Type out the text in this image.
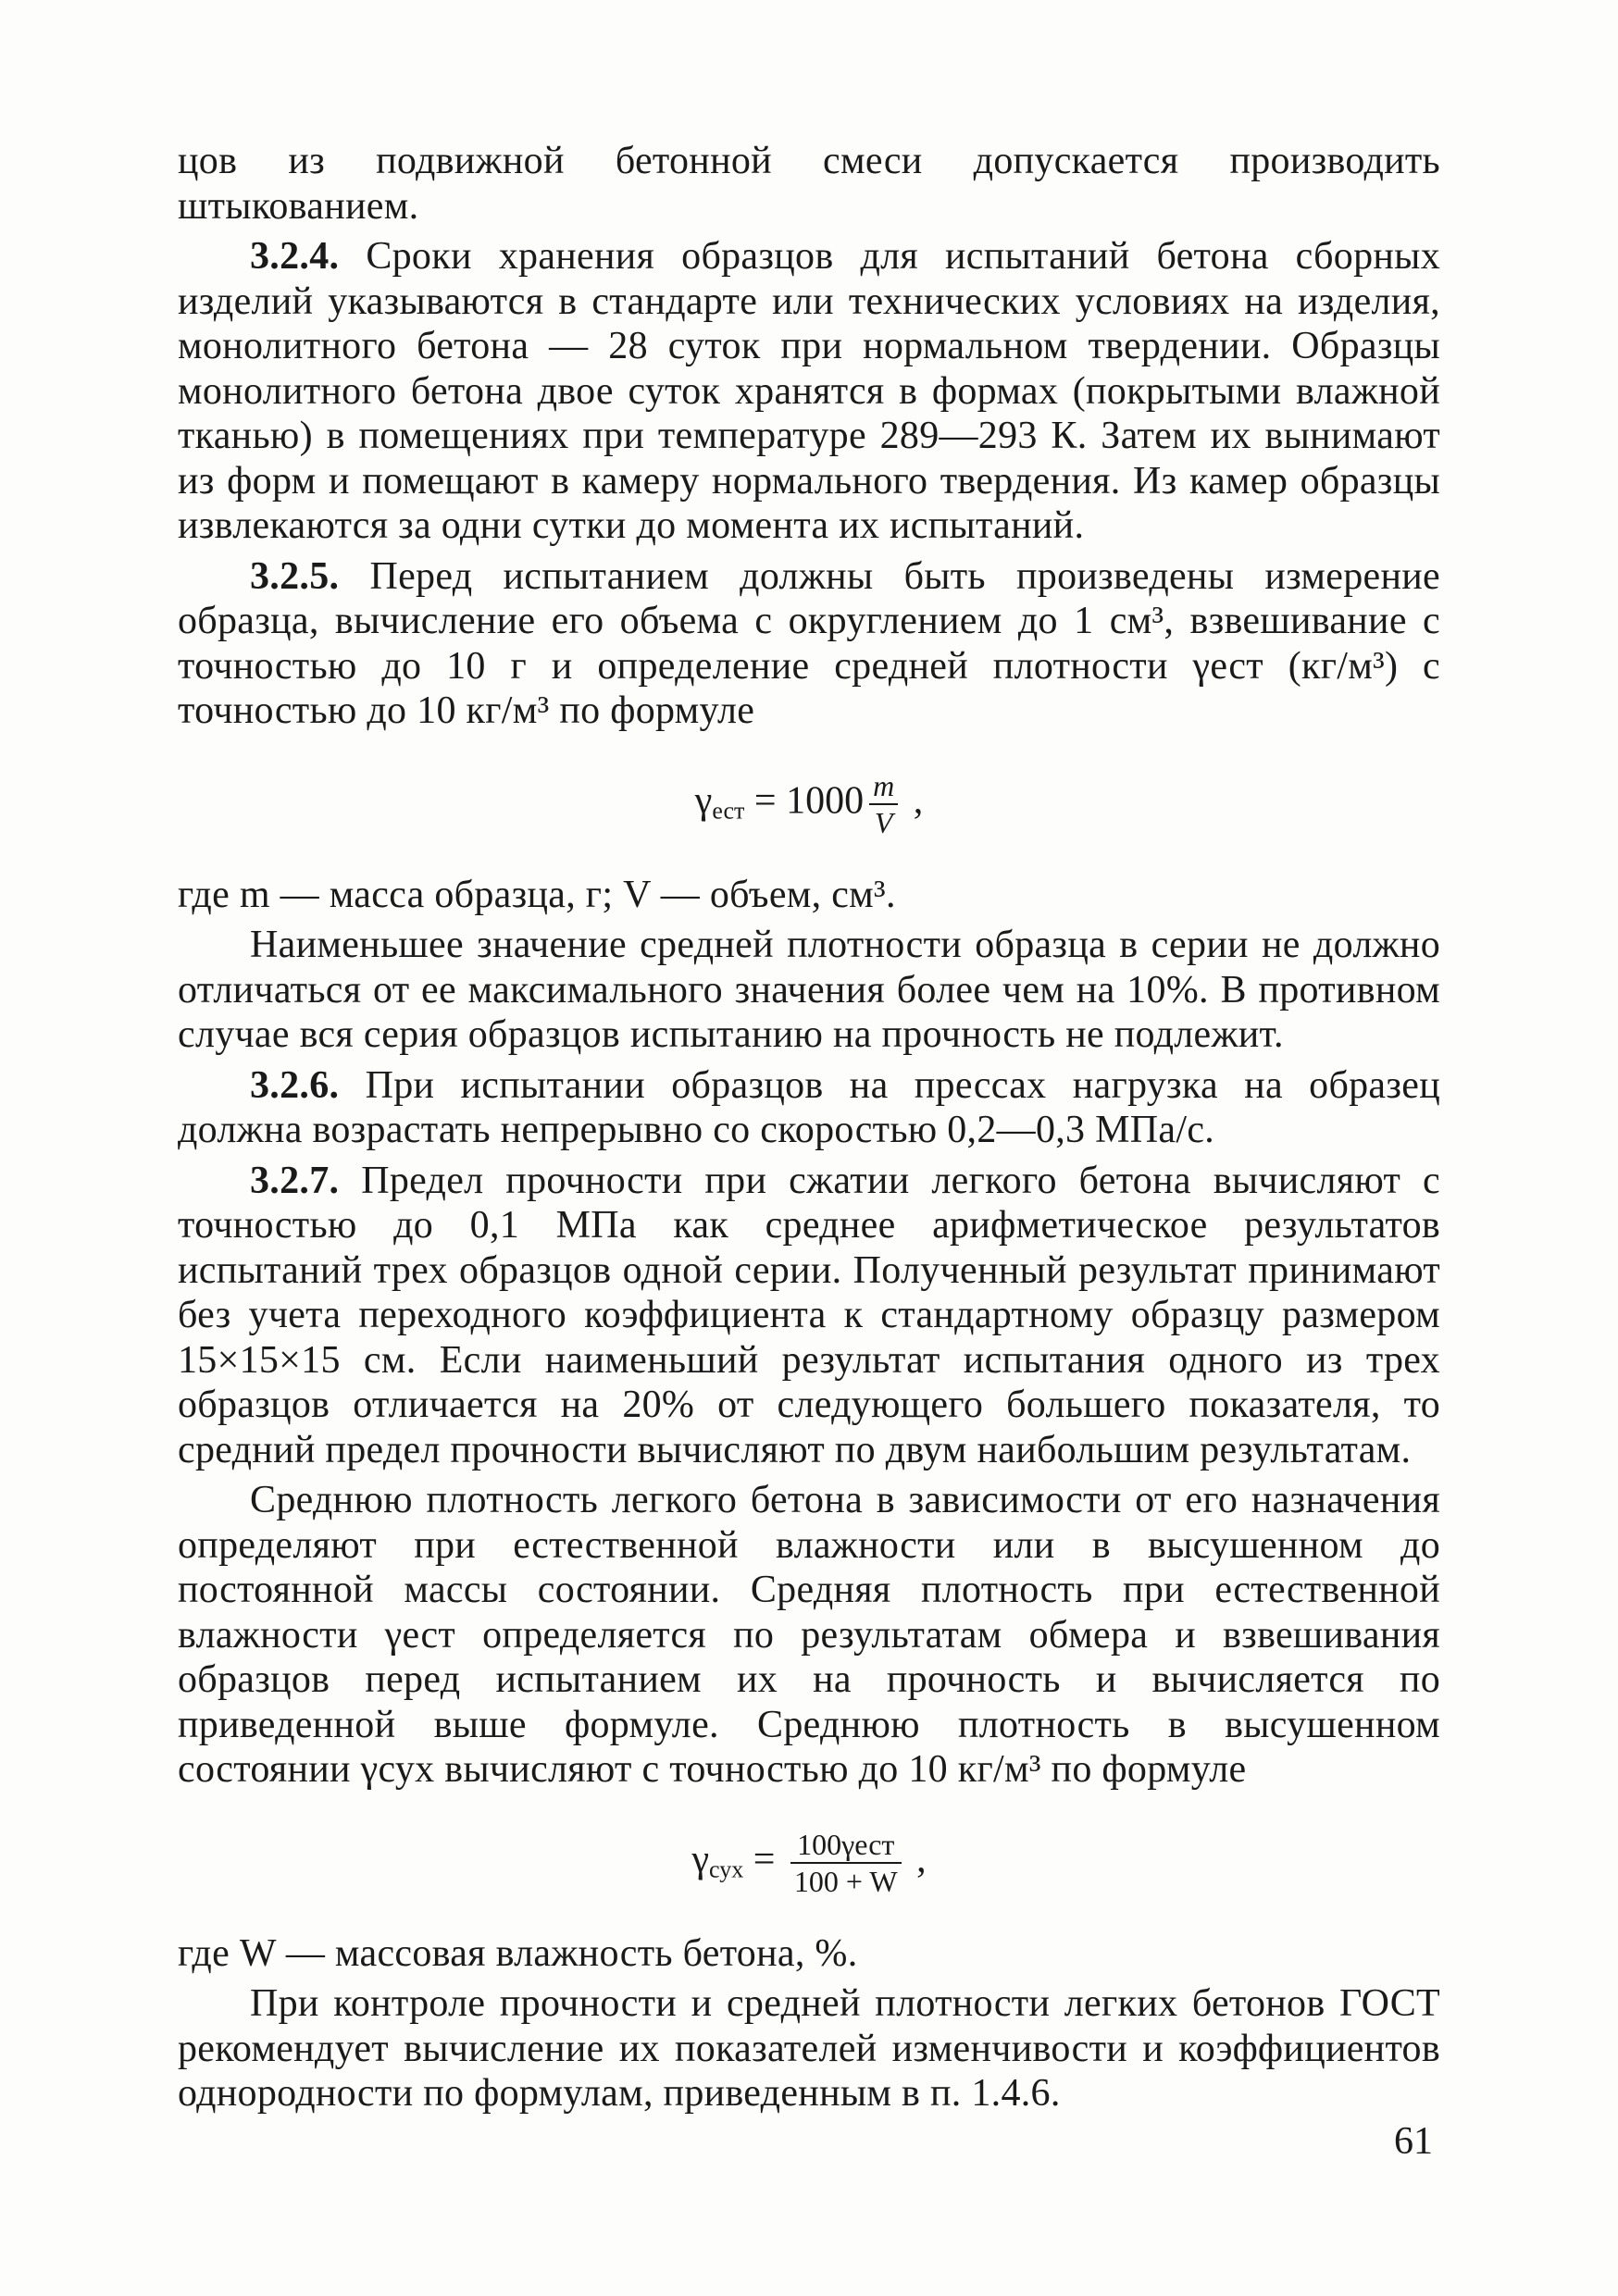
цов из подвижной бетонной смеси допускается производить штыкованием.

3.2.4. Сроки хранения образцов для испытаний бетона сборных изделий указываются в стандарте или технических условиях на изделия, монолитного бетона — 28 суток при нормальном твердении. Образцы монолитного бетона двое суток хранятся в формах (покрытыми влажной тканью) в помещениях при температуре 289—293 К. Затем их вынимают из форм и помещают в камеру нормального твердения. Из камер образцы извлекаются за одни сутки до момента их испытаний.

3.2.5. Перед испытанием должны быть произведены измерение образца, вычисление его объема с округлением до 1 см³, взвешивание с точностью до 10 г и определение средней плотности γест (кг/м³) с точностью до 10 кг/м³ по формуле

$\gamma_{ест} = 1000 \frac{m}{V}$ ,

где m — масса образца, г; V — объем, см³.

Наименьшее значение средней плотности образца в серии не должно отличаться от ее максимального значения более чем на 10%. В противном случае вся серия образцов испытанию на прочность не подлежит.

3.2.6. При испытании образцов на прессах нагрузка на образец должна возрастать непрерывно со скоростью 0,2—0,3 МПа/с.

3.2.7. Предел прочности при сжатии легкого бетона вычисляют с точностью до 0,1 МПа как среднее арифметическое результатов испытаний трех образцов одной серии. Полученный результат принимают без учета переходного коэффициента к стандартному образцу размером 15×15×15 см. Если наименьший результат испытания одного из трех образцов отличается на 20% от следующего большего показателя, то средний предел прочности вычисляют по двум наибольшим результатам.

Среднюю плотность легкого бетона в зависимости от его назначения определяют при естественной влажности или в высушенном до постоянной массы состоянии. Средняя плотность при естественной влажности γест определяется по результатам обмера и взвешивания образцов перед испытанием их на прочность и вычисляется по приведенной выше формуле. Среднюю плотность в высушенном состоянии γсух вычисляют с точностью до 10 кг/м³ по формуле

$\gamma_{сух} = \frac{\text{100γест}}{100 + W}$ ,

где W — массовая влажность бетона, %.

При контроле прочности и средней плотности легких бетонов ГОСТ рекомендует вычисление их показателей изменчивости и коэффициентов однородности по формулам, приведенным в п. 1.4.6.

61
